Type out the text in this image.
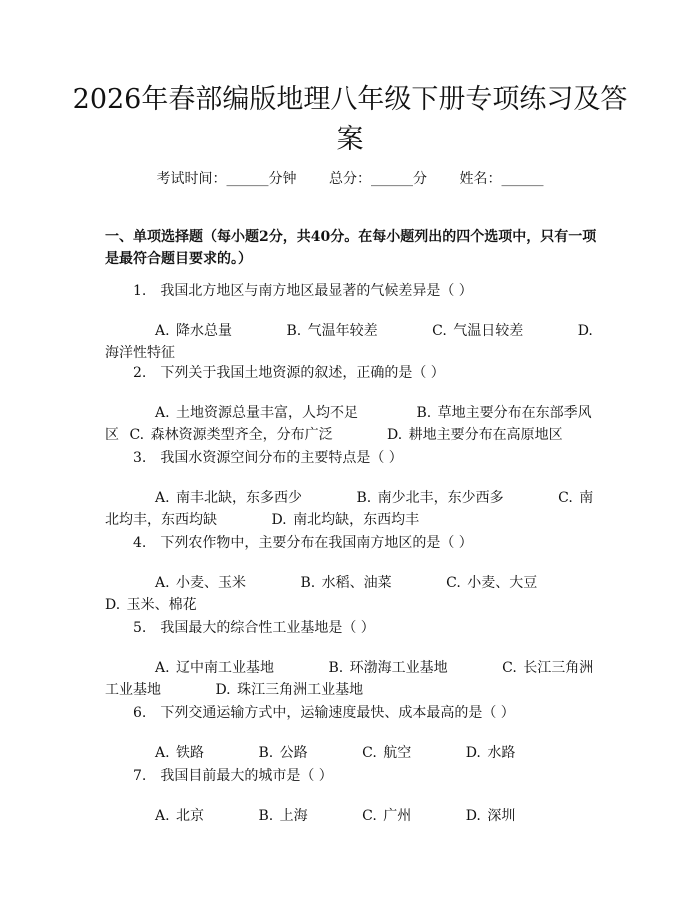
2026年春部编版地理八年级下册专项练习及答案
考试时间：______分钟 总分：______分 姓名：______

一、单项选择题（每小题2分，共40分。在每小题列出的四个选项中，只有一项是最符合题目要求的。）

1.　我国北方地区与南方地区最显著的气候差异是（ ）
A. 降水总量	B. 气温年较差	C. 气温日较差	D. 海洋性特征
2.　下列关于我国土地资源的叙述，正确的是（ ）
A. 土地资源总量丰富，人均不足	B. 草地主要分布在东部季风区 C. 森林资源类型齐全，分布广泛	D. 耕地主要分布在高原地区
3.　我国水资源空间分布的主要特点是（ ）
A. 南丰北缺，东多西少	B. 南少北丰，东少西多	C. 南北均丰，东西均缺	D. 南北均缺，东西均丰
4.　下列农作物中，主要分布在我国南方地区的是（ ）
A. 小麦、玉米	B. 水稻、油菜	C. 小麦、大豆 D. 玉米、棉花
5.　我国最大的综合性工业基地是（ ）
A. 辽中南工业基地	B. 环渤海工业基地	C. 长江三角洲工业基地	D. 珠江三角洲工业基地
6.　下列交通运输方式中，运输速度最快、成本最高的是（ ）
A. 铁路	B. 公路	C. 航空	D. 水路
7.　我国目前最大的城市是（ ）
A. 北京	B. 上海	C. 广州	D. 深圳
